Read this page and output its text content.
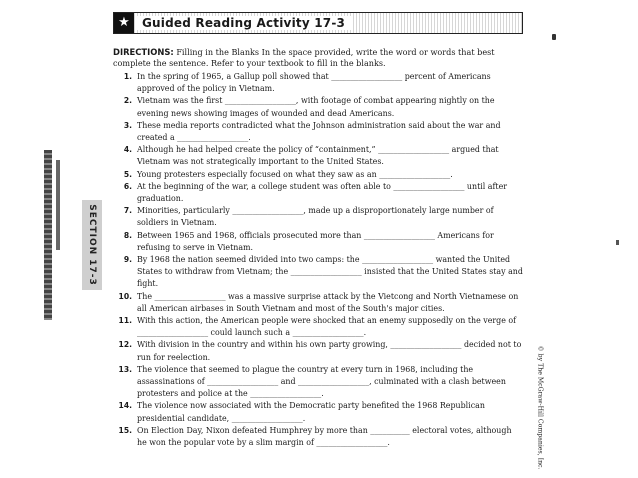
★	Guided Reading Activity 17-3
DIRECTIONS: Filling in the Blanks In the space provided, write the word or words that best complete the sentence. Refer to your textbook to fill in the blanks.
1. In the spring of 1965, a Gallup poll showed that __________________ percent of Americans approved of the policy in Vietnam.
2. Vietnam was the first __________________, with footage of combat appearing nightly on the evening news showing images of wounded and dead Americans.
3. These media reports contradicted what the Johnson administration said about the war and created a __________________.
4. Although he had helped create the policy of “containment,” __________________ argued that Vietnam was not strategically important to the United States.
5. Young protesters especially focused on what they saw as an __________________.
6. At the beginning of the war, a college student was often able to __________________ until after graduation.
7. Minorities, particularly __________________, made up a disproportionately large number of soldiers in Vietnam.
8. Between 1965 and 1968, officials prosecuted more than __________________ Americans for refusing to serve in Vietnam.
9. By 1968 the nation seemed divided into two camps: the __________________ wanted the United States to withdraw from Vietnam; the __________________ insisted that the United States stay and fight.
10. The __________________ was a massive surprise attack by the Vietcong and North Vietnamese on all American airbases in South Vietnam and most of the South's major cities.
11. With this action, the American people were shocked that an enemy supposedly on the verge of __________________ could launch such a __________________.
12. With division in the country and within his own party growing, __________________ decided not to run for reelection.
13. The violence that seemed to plague the country at every turn in 1968, including the assassinations of __________________ and __________________, culminated with a clash between protesters and police at the __________________.
14. The violence now associated with the Democratic party benefited the 1968 Republican presidential candidate, __________________.
15. On Election Day, Nixon defeated Humphrey by more than __________ electoral votes, although he won the popular vote by a slim margin of __________________.
SECTION 17-3
© by The McGraw-Hill Companies, Inc.
